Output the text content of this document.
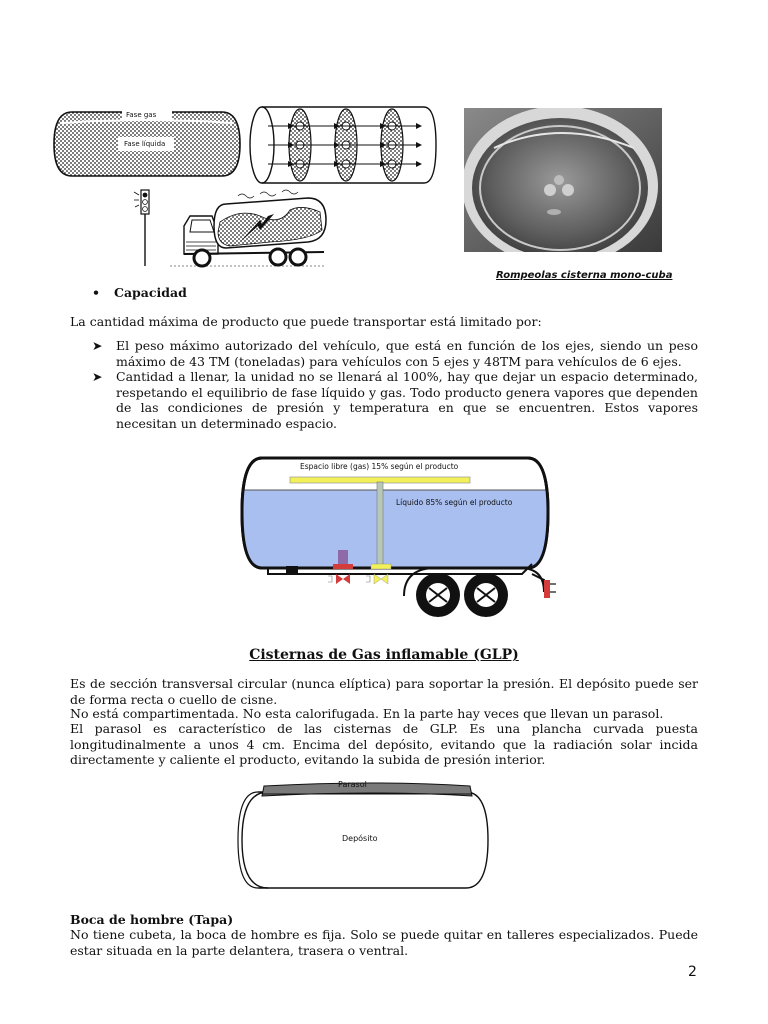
Fase gas
Fase líquida
Rompeolas cisterna mono-cuba
• Capacidad
La cantidad máxima de producto que puede transportar está limitado por:
➤ El peso máximo autorizado del vehículo, que está en función de los ejes, siendo un peso máximo de 43 TM (toneladas) para vehículos con 5 ejes y 48TM para vehículos de 6 ejes.
➤ Cantidad a llenar, la unidad no se llenará al 100%, hay que dejar un espacio determinado, respetando el equilibrio de fase líquido y gas. Todo producto genera vapores que dependen de las condiciones de presión y temperatura en que se encuentren. Estos vapores necesitan un determinado espacio.
Espacio libre (gas) 15% según el producto
Líquido 85% según el producto
Cisternas de Gas inflamable (GLP)
Es de sección transversal circular (nunca elíptica) para soportar la presión. El depósito puede ser de forma recta o cuello de cisne.
No está compartimentada. No esta calorifugada. En la parte hay veces que llevan un parasol.
El parasol es característico de las cisternas de GLP. Es una plancha curvada puesta longitudinalmente a unos 4 cm. Encima del depósito, evitando que la radiación solar incida directamente y caliente el producto, evitando la subida de presión interior.
Parasol
Depósito
Boca de hombre (Tapa)
No tiene cubeta, la boca de hombre es fija. Solo se puede quitar en talleres especializados. Puede estar situada en la parte delantera, trasera o ventral.
2
